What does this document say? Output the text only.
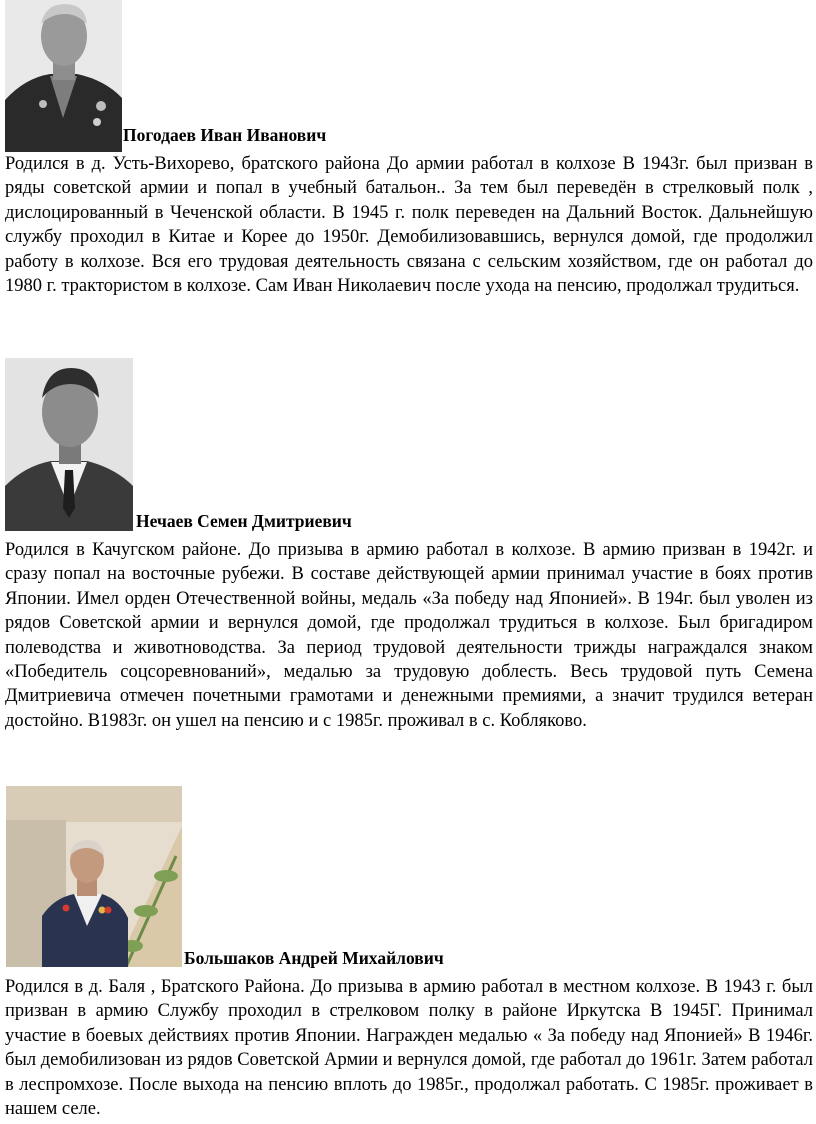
Погодаев Иван Иванович

Родился в д. Усть-Вихорево, братского района До армии работал в колхозе В 1943г. был призван в ряды советской армии и попал в учебный батальон.. За тем был переведён в стрелковый полк , дислоцированный в Чеченской области. В 1945 г. полк переведен на Дальний Восток. Дальнейшую службу проходил в Китае и Корее до 1950г. Демобилизовавшись, вернулся домой, где продолжил работу в колхозе. Вся его трудовая деятельность связана с сельским хозяйством, где он работал до 1980 г. трактористом в колхозе. Сам Иван Николаевич после ухода на пенсию, продолжал трудиться.

Нечаев Семен Дмитриевич

Родился в Качугском районе. До призыва в армию работал в колхозе. В армию призван в 1942г. и сразу попал на восточные рубежи. В составе действующей армии принимал участие в боях против Японии. Имел орден Отечественной войны, медаль «За победу над Японией». В 194г. был уволен из рядов Советской армии и вернулся домой, где продолжал трудиться в колхозе. Был бригадиром полеводства и животноводства. За период трудовой деятельности трижды награждался знаком «Победитель соцсоревнований», медалью за трудовую доблесть. Весь трудовой путь Семена Дмитриевича отмечен почетными грамотами и денежными премиями, а значит трудился ветеран достойно. В1983г. он ушел на пенсию и с 1985г. проживал в с. Кобляково.

Большаков Андрей Михайлович

Родился в д. Баля , Братского Района. До призыва в армию работал в местном колхозе. В 1943 г. был призван в армию Службу проходил в стрелковом полку в районе Иркутска В 1945Г. Принимал участие в боевых действиях против Японии. Награжден медалью « За победу над Японией» В 1946г. был демобилизован из рядов Советской Армии и вернулся домой, где работал до 1961г. Затем работал в леспромхозе. После выхода на пенсию вплоть до 1985г., продолжал работать. С 1985г. проживает в нашем селе.
